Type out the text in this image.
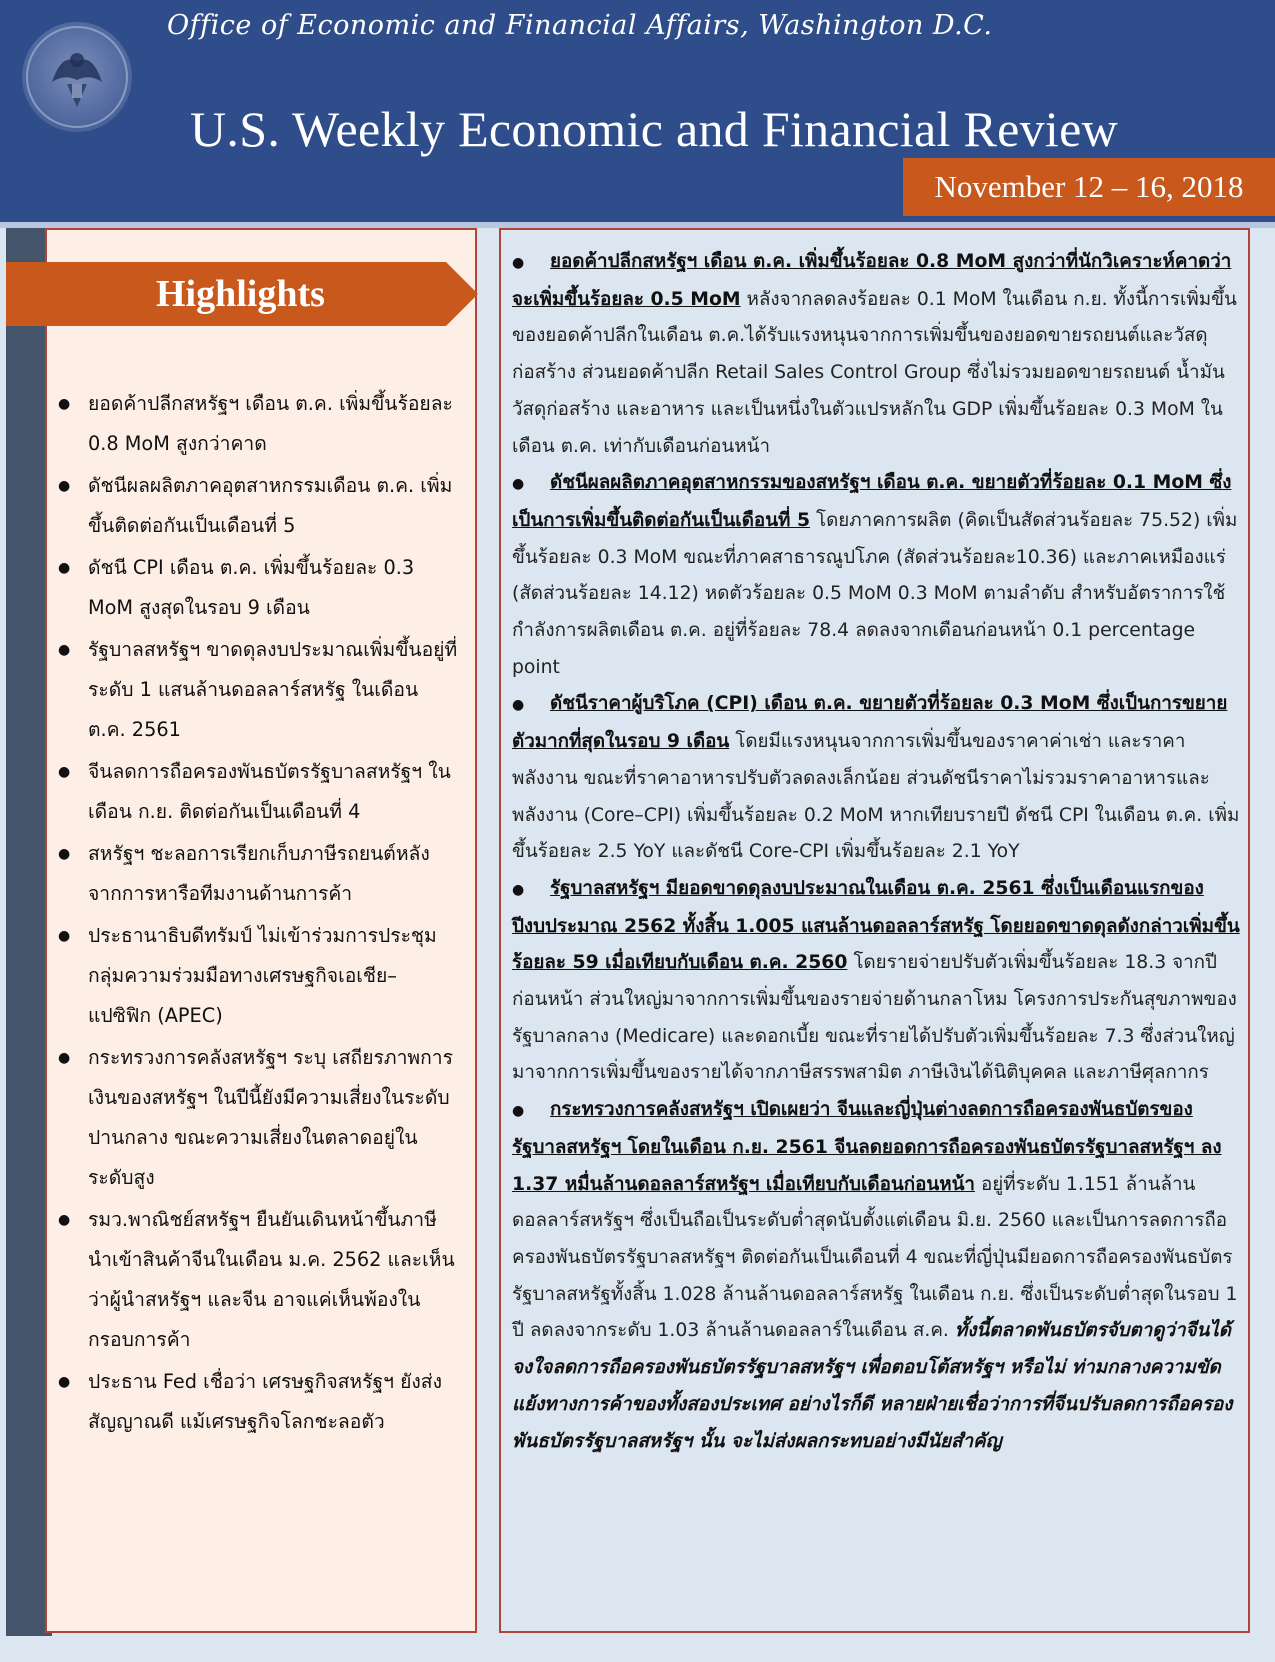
Office of Economic and Financial Affairs, Washington D.C.
U.S. Weekly Economic and Financial Review
November 12 – 16, 2018
Highlights
● ยอดค้าปลีกสหรัฐฯ เดือน ต.ค. เพิ่มขึ้นร้อยละ 0.8 MoM สูงกว่าคาด
● ดัชนีผลผลิตภาคอุตสาหกรรมเดือน ต.ค. เพิ่มขึ้นติดต่อกันเป็นเดือนที่ 5
● ดัชนี CPI เดือน ต.ค. เพิ่มขึ้นร้อยละ 0.3 MoM สูงสุดในรอบ 9 เดือน
● รัฐบาลสหรัฐฯ ขาดดุลงบประมาณเพิ่มขึ้นอยู่ที่ระดับ 1 แสนล้านดอลลาร์สหรัฐ ในเดือน ต.ค. 2561
● จีนลดการถือครองพันธบัตรรัฐบาลสหรัฐฯ ในเดือน ก.ย. ติดต่อกันเป็นเดือนที่ 4
● สหรัฐฯ ชะลอการเรียกเก็บภาษีรถยนต์หลังจากการหารือทีมงานด้านการค้า
● ประธานาธิบดีทรัมป์ ไม่เข้าร่วมการประชุมกลุ่มความร่วมมือทางเศรษฐกิจเอเชีย–แปซิฟิก (APEC)
● กระทรวงการคลังสหรัฐฯ ระบุ เสถียรภาพการเงินของสหรัฐฯ ในปีนี้ยังมีความเสี่ยงในระดับปานกลาง ขณะความเสี่ยงในตลาดอยู่ในระดับสูง
● รมว.พาณิชย์สหรัฐฯ ยืนยันเดินหน้าขึ้นภาษีนำเข้าสินค้าจีนในเดือน ม.ค. 2562 และเห็นว่าผู้นำสหรัฐฯ และจีน อาจแค่เห็นพ้องในกรอบการค้า
● ประธาน Fed เชื่อว่า เศรษฐกิจสหรัฐฯ ยังส่งสัญญาณดี แม้เศรษฐกิจโลกชะลอตัว
● ยอดค้าปลีกสหรัฐฯ เดือน ต.ค. เพิ่มขึ้นร้อยละ 0.8 MoM สูงกว่าที่นักวิเคราะห์คาดว่าจะเพิ่มขึ้นร้อยละ 0.5 MoM หลังจากลดลงร้อยละ 0.1 MoM ในเดือน ก.ย. ทั้งนี้การเพิ่มขึ้นของยอดค้าปลีกในเดือน ต.ค.ได้รับแรงหนุนจากการเพิ่มขึ้นของยอดขายรถยนต์และวัสดุก่อสร้าง ส่วนยอดค้าปลีก Retail Sales Control Group ซึ่งไม่รวมยอดขายรถยนต์ น้ำมัน วัสดุก่อสร้าง และอาหาร และเป็นหนึ่งในตัวแปรหลักใน GDP เพิ่มขึ้นร้อยละ 0.3 MoM ในเดือน ต.ค. เท่ากับเดือนก่อนหน้า
● ดัชนีผลผลิตภาคอุตสาหกรรมของสหรัฐฯ เดือน ต.ค. ขยายตัวที่ร้อยละ 0.1 MoM ซึ่งเป็นการเพิ่มขึ้นติดต่อกันเป็นเดือนที่ 5 โดยภาคการผลิต (คิดเป็นสัดส่วนร้อยละ 75.52) เพิ่มขึ้นร้อยละ 0.3 MoM ขณะที่ภาคสาธารณูปโภค (สัดส่วนร้อยละ10.36) และภาคเหมืองแร่ (สัดส่วนร้อยละ 14.12) หดตัวร้อยละ 0.5 MoM 0.3 MoM ตามลำดับ สำหรับอัตราการใช้กำลังการผลิตเดือน ต.ค. อยู่ที่ร้อยละ 78.4 ลดลงจากเดือนก่อนหน้า 0.1 percentage point
● ดัชนีราคาผู้บริโภค (CPI) เดือน ต.ค. ขยายตัวที่ร้อยละ 0.3 MoM ซึ่งเป็นการขยายตัวมากที่สุดในรอบ 9 เดือน โดยมีแรงหนุนจากการเพิ่มขึ้นของราคาค่าเช่า และราคาพลังงาน ขณะที่ราคาอาหารปรับตัวลดลงเล็กน้อย ส่วนดัชนีราคาไม่รวมราคาอาหารและพลังงาน (Core–CPI) เพิ่มขึ้นร้อยละ 0.2 MoM หากเทียบรายปี ดัชนี CPI ในเดือน ต.ค. เพิ่มขึ้นร้อยละ 2.5 YoY และดัชนี Core-CPI เพิ่มขึ้นร้อยละ 2.1 YoY
● รัฐบาลสหรัฐฯ มียอดขาดดุลงบประมาณในเดือน ต.ค. 2561 ซึ่งเป็นเดือนแรกของปีงบประมาณ 2562 ทั้งสิ้น 1.005 แสนล้านดอลลาร์สหรัฐ โดยยอดขาดดุลดังกล่าวเพิ่มขึ้นร้อยละ 59 เมื่อเทียบกับเดือน ต.ค. 2560 โดยรายจ่ายปรับตัวเพิ่มขึ้นร้อยละ 18.3 จากปีก่อนหน้า ส่วนใหญ่มาจากการเพิ่มขึ้นของรายจ่ายด้านกลาโหม โครงการประกันสุขภาพของรัฐบาลกลาง (Medicare) และดอกเบี้ย ขณะที่รายได้ปรับตัวเพิ่มขึ้นร้อยละ 7.3 ซึ่งส่วนใหญ่มาจากการเพิ่มขึ้นของรายได้จากภาษีสรรพสามิต ภาษีเงินได้นิติบุคคล และภาษีศุลกากร
● กระทรวงการคลังสหรัฐฯ เปิดเผยว่า จีนและญี่ปุ่นต่างลดการถือครองพันธบัตรของรัฐบาลสหรัฐฯ โดยในเดือน ก.ย. 2561 จีนลดยอดการถือครองพันธบัตรรัฐบาลสหรัฐฯ ลง 1.37 หมื่นล้านดอลลาร์สหรัฐฯ เมื่อเทียบกับเดือนก่อนหน้า อยู่ที่ระดับ 1.151 ล้านล้านดอลลาร์สหรัฐฯ ซึ่งเป็นถือเป็นระดับต่ำสุดนับตั้งแต่เดือน มิ.ย. 2560 และเป็นการลดการถือครองพันธบัตรรัฐบาลสหรัฐฯ ติดต่อกันเป็นเดือนที่ 4 ขณะที่ญี่ปุ่นมียอดการถือครองพันธบัตรรัฐบาลสหรัฐทั้งสิ้น 1.028 ล้านล้านดอลลาร์สหรัฐ ในเดือน ก.ย. ซึ่งเป็นระดับต่ำสุดในรอบ 1 ปี ลดลงจากระดับ 1.03 ล้านล้านดอลลาร์ในเดือน ส.ค. ทั้งนี้ตลาดพันธบัตรจับตาดูว่าจีนได้จงใจลดการถือครองพันธบัตรรัฐบาลสหรัฐฯ เพื่อตอบโต้สหรัฐฯ หรือไม่ ท่ามกลางความขัดแย้งทางการค้าของทั้งสองประเทศ อย่างไรก็ดี หลายฝ่ายเชื่อว่าการที่จีนปรับลดการถือครองพันธบัตรรัฐบาลสหรัฐฯ นั้น จะไม่ส่งผลกระทบอย่างมีนัยสำคัญ
